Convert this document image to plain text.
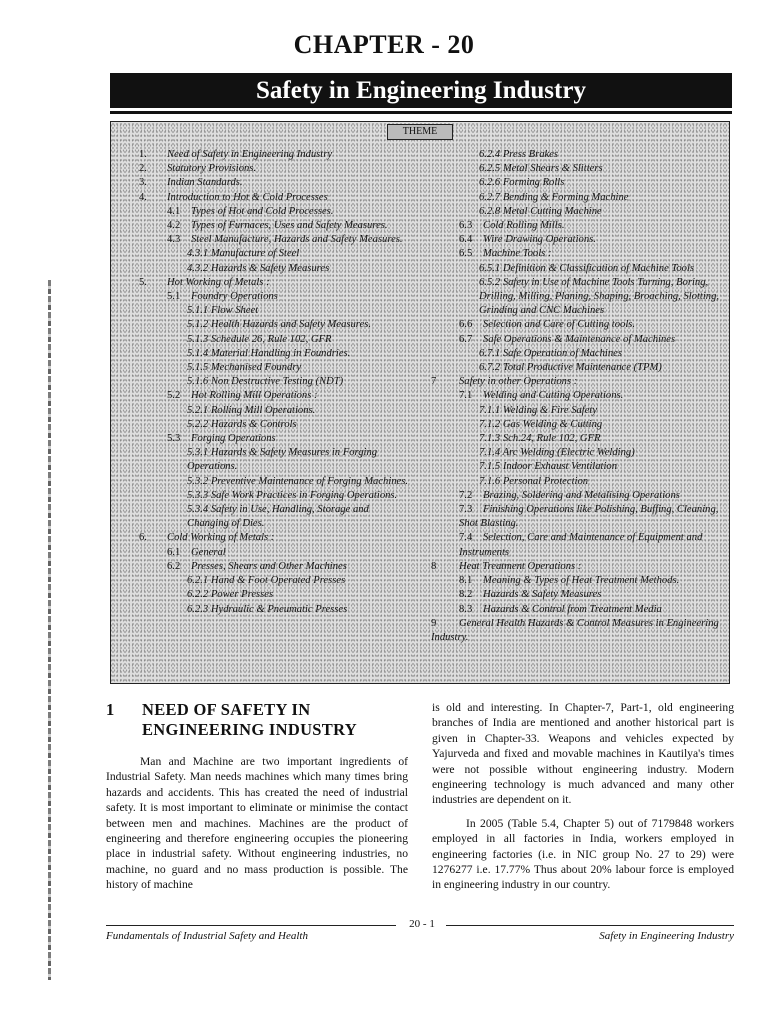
CHAPTER - 20
Safety in Engineering Industry
THEME
1. Need of Safety in Engineering Industry
2. Statutory Provisions.
3. Indian Standards.
4. Introduction to Hot & Cold Processes
4.1 Types of Hot and Cold Processes.
4.2 Types of Furnaces, Uses and Safety Measures.
4.3 Steel Manufacture, Hazards and Safety Measures.
4.3.1 Manufacture of Steel
4.3.2 Hazards & Safety Measures
5. Hot Working of Metals :
5.1 Foundry Operations
5.1.1 Flow Sheet
5.1.2 Health Hazards and Safety Measures.
5.1.3 Schedule 26, Rule 102, GFR
5.1.4 Material Handling in Foundries.
5.1.5 Mechanised Foundry
5.1.6 Non Destructive Testing (NDT)
5.2 Hot Rolling Mill Operations :
5.2.1 Rolling Mill Operations.
5.2.2 Hazards & Controls
5.3 Forging Operations
5.3.1 Hazards & Safety Measures in Forging Operations.
5.3.2 Preventive Maintenance of Forging Machines.
5.3.3 Safe Work Practices in Forging Operations.
5.3.4 Safety in Use, Handling, Storage and Changing of Dies.
6. Cold Working of Metals :
6.1 General
6.2 Presses, Shears and Other Machines
6.2.1 Hand & Foot Operated Presses
6.2.2 Power Presses
6.2.3 Hydraulic & Pneumatic Presses
6.2.4 Press Brakes
6.2.5 Metal Shears & Slitters
6.2.6 Forming Rolls
6.2.7 Bending & Forming Machine
6.2.8 Metal Cutting Machine
6.3 Cold Rolling Mills.
6.4 Wire Drawing Operations.
6.5 Machine Tools :
6.5.1 Definition & Classification of Machine Tools
6.5.2 Safety in Use of Machine Tools Turning, Boring, Drilling, Milling, Planing, Shaping, Broaching, Slotting, Grinding and CNC Machines
6.6 Selection and Care of Cutting tools.
6.7 Safe Operations & Maintenance of Machines
6.7.1 Safe Operation of Machines
6.7.2 Total Productive Maintenance (TPM)
7 Safety in other Operations :
7.1 Welding and Cutting Operations.
7.1.1 Welding & Fire Safety
7.1.2 Gas Welding & Cutting
7.1.3 Sch.24, Rule 102, GFR
7.1.4 Arc Welding (Electric Welding)
7.1.5 Indoor Exhaust Ventilation
7.1.6 Personal Protection
7.2 Brazing, Soldering and Metalising Operations
7.3 Finishing Operations like Polishing, Buffing, Cleaning, Shot Blasting.
7.4 Selection, Care and Maintenance of Equipment and Instruments
8 Heat Treatment Operations :
8.1 Meaning & Types of Heat Treatment Methods.
8.2 Hazards & Safety Measures
8.3 Hazards & Control from Treatment Media
9 General Health Hazards & Control Measures in Engineering Industry.
1 NEED OF SAFETY IN ENGINEERING INDUSTRY

Man and Machine are two important ingredients of Industrial Safety. Man needs machines which many times bring hazards and accidents. This has created the need of industrial safety. It is most important to eliminate or minimise the contact between men and machines. Machines are the product of engineering and therefore engineering occupies the pioneering place in industrial safety. Without engineering industries, no machine, no guard and no mass production is possible. The history of machine

is old and interesting. In Chapter-7, Part-1, old engineering branches of India are mentioned and another historical part is given in Chapter-33. Weapons and vehicles expected by Yajurveda and fixed and movable machines in Kautilya's times were not possible without engineering industry. Modern engineering technology is much advanced and many other industries are dependent on it.

In 2005 (Table 5.4, Chapter 5) out of 7179848 workers employed in all factories in India, workers employed in engineering factories (i.e. in NIC group No. 27 to 29) were 1276277 i.e. 17.77% Thus about 20% labour force is employed in engineering industry in our country.

20 - 1
Fundamentals of Industrial Safety and Health	Safety in Engineering Industry
